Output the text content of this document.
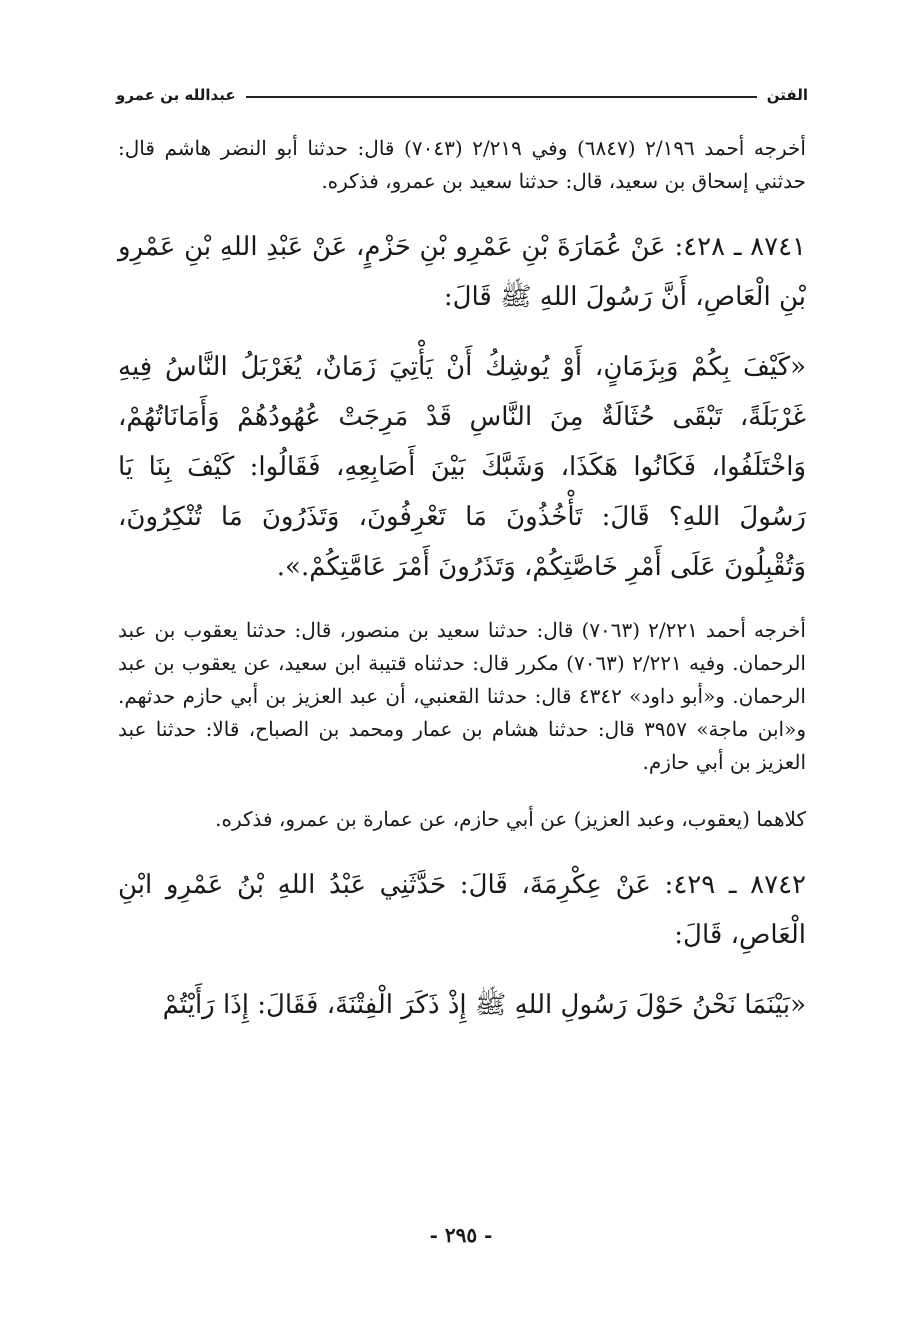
الفتن
عبدالله بن عمرو

أخرجه أحمد ٢/١٩٦ (٦٨٤٧) وفي ٢/٢١٩ (٧٠٤٣) قال: حدثنا أبو النضر هاشم قال: حدثني إسحاق بن سعيد، قال: حدثنا سعيد بن عمرو، فذكره.

٨٧٤١ ـ ٤٢٨: عَنْ عُمَارَةَ بْنِ عَمْرِو بْنِ حَزْمٍ، عَنْ عَبْدِ اللهِ بْنِ عَمْرِو بْنِ الْعَاصِ، أَنَّ رَسُولَ اللهِ ﷺ قَالَ:

«كَيْفَ بِكُمْ وَبِزَمَانٍ، أَوْ يُوشِكُ أَنْ يَأْتِيَ زَمَانٌ، يُغَرْبَلُ النَّاسُ فِيهِ غَرْبَلَةً، تَبْقَى حُثَالَةٌ مِنَ النَّاسِ قَدْ مَرِجَتْ عُهُودُهُمْ وَأَمَانَاتُهُمْ، وَاخْتَلَفُوا، فَكَانُوا هَكَذَا، وَشَبَّكَ بَيْنَ أَصَابِعِهِ، فَقَالُوا: كَيْفَ بِنَا يَا رَسُولَ اللهِ؟ قَالَ: تَأْخُذُونَ مَا تَعْرِفُونَ، وَتَذَرُونَ مَا تُنْكِرُونَ، وَتُقْبِلُونَ عَلَى أَمْرِ خَاصَّتِكُمْ، وَتَذَرُونَ أَمْرَ عَامَّتِكُمْ.».

أخرجه أحمد ٢/٢٢١ (٧٠٦٣) قال: حدثنا سعيد بن منصور، قال: حدثنا يعقوب بن عبد الرحمان. وفيه ٢/٢٢١ (٧٠٦٣) مكرر قال: حدثناه قتيبة ابن سعيد، عن يعقوب بن عبد الرحمان. و«أبو داود» ٤٣٤٢ قال: حدثنا القعنبي، أن عبد العزيز بن أبي حازم حدثهم. و«ابن ماجة» ٣٩٥٧ قال: حدثنا هشام بن عمار ومحمد بن الصباح، قالا: حدثنا عبد العزيز بن أبي حازم.

كلاهما (يعقوب، وعبد العزيز) عن أبي حازم، عن عمارة بن عمرو، فذكره.

٨٧٤٢ ـ ٤٢٩: عَنْ عِكْرِمَةَ، قَالَ: حَدَّثَنِي عَبْدُ اللهِ بْنُ عَمْرِو ابْنِ الْعَاصِ، قَالَ:

«بَيْنَمَا نَحْنُ حَوْلَ رَسُولِ اللهِ ﷺ إِذْ ذَكَرَ الْفِتْنَةَ، فَقَالَ: إِذَا رَأَيْتُمْ

- ٢٩٥ -
